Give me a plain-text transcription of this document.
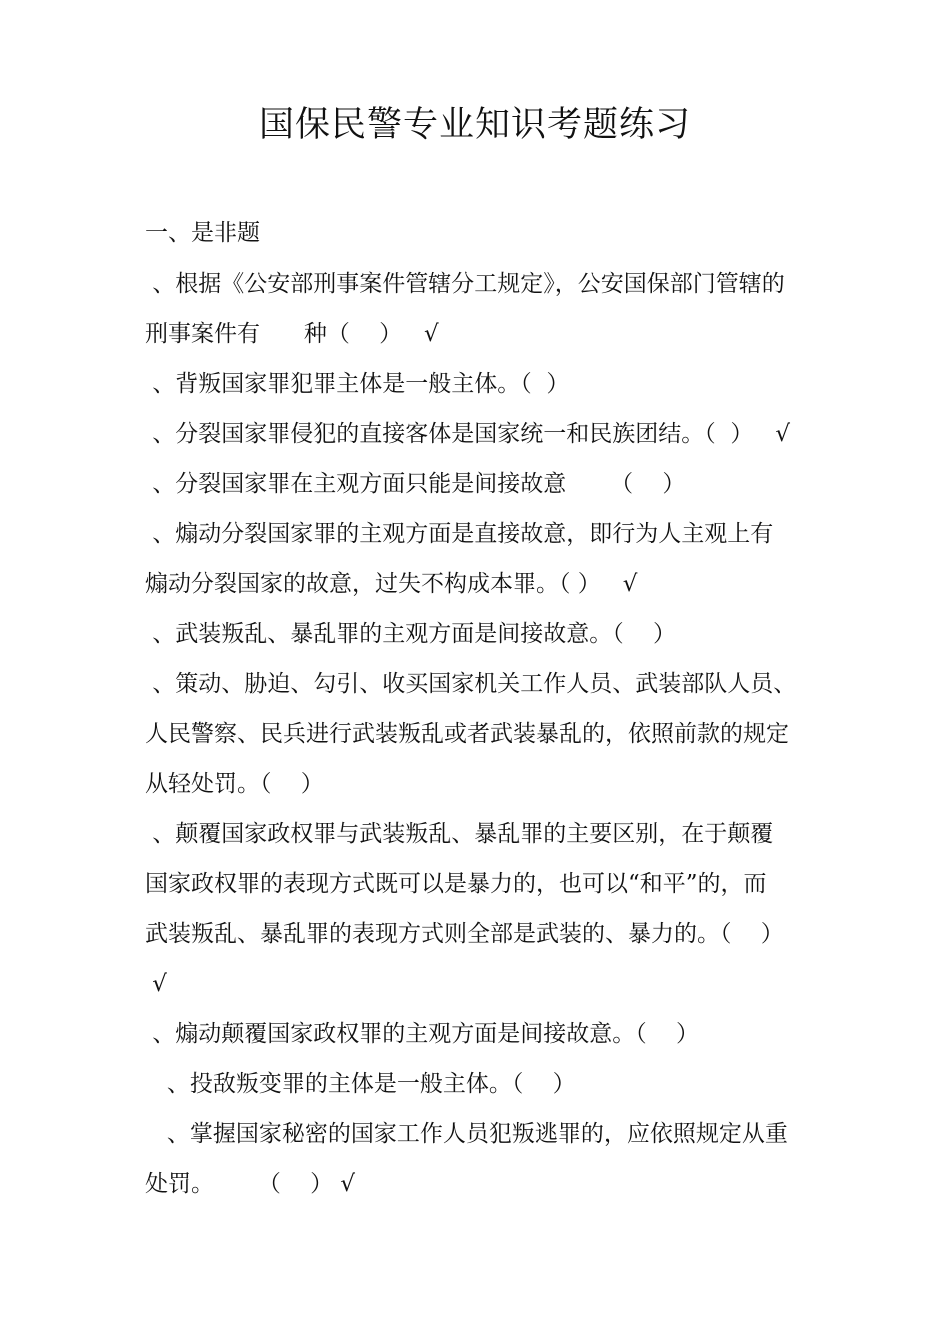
国保民警专业知识考题练习

一、是非题

、根据《公安部刑事案件管辖分工规定》，公安国保部门管辖的
刑事案件有      种（    ）   √
、背叛国家罪犯罪主体是一般主体。（  ）
、分裂国家罪侵犯的直接客体是国家统一和民族团结。（  ）   √
、分裂国家罪在主观方面只能是间接故意      （    ）
、煽动分裂国家罪的主观方面是直接故意，即行为人主观上有
煽动分裂国家的故意，过失不构成本罪。（ ）   √
、武装叛乱、暴乱罪的主观方面是间接故意。（    ）
、策动、胁迫、勾引、收买国家机关工作人员、武装部队人员、
人民警察、民兵进行武装叛乱或者武装暴乱的，依照前款的规定
从轻处罚。（    ）
、颠覆国家政权罪与武装叛乱、暴乱罪的主要区别，在于颠覆
国家政权罪的表现方式既可以是暴力的，也可以“和平”的，而
武装叛乱、暴乱罪的表现方式则全部是武装的、暴力的。（    ）
√
、煽动颠覆国家政权罪的主观方面是间接故意。（    ）
、投敌叛变罪的主体是一般主体。（    ）
、掌握国家秘密的国家工作人员犯叛逃罪的，应依照规定从重
处罚。      （    ） √
